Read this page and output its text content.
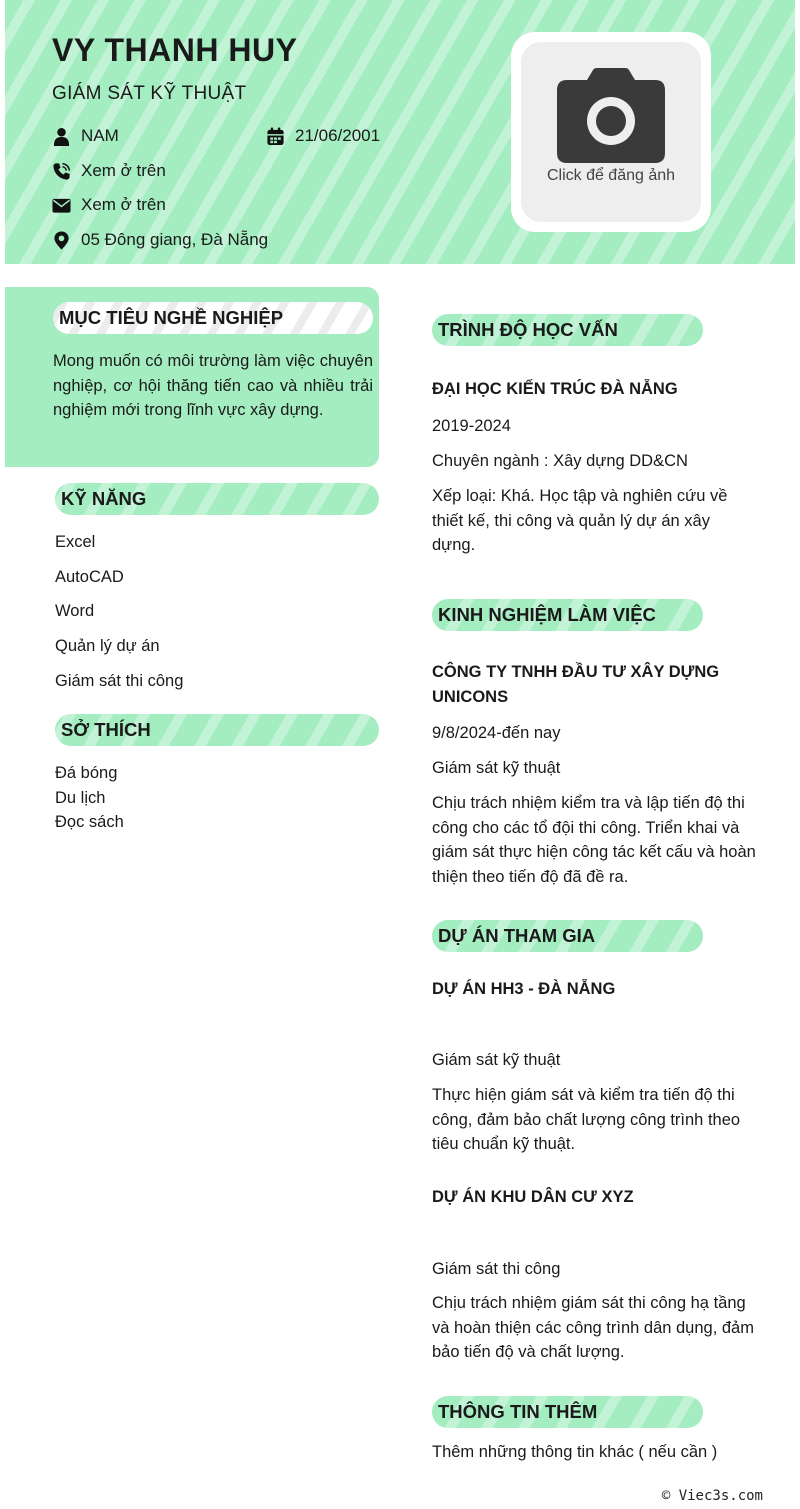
VY THANH HUY
GIÁM SÁT KỸ THUẬT
NAM	21/06/2001
Xem ở trên
Xem ở trên
05 Đông giang, Đà Nẵng
Click để đăng ảnh
MỤC TIÊU NGHỀ NGHIỆP
Mong muốn có môi trường làm việc chuyên nghiệp, cơ hội thăng tiến cao và nhiều trải nghiệm mới trong lĩnh vực xây dựng.
KỸ NĂNG
Excel
AutoCAD
Word
Quản lý dự án
Giám sát thi công
SỞ THÍCH
Đá bóng
Du lịch
Đọc sách
TRÌNH ĐỘ HỌC VẤN
ĐẠI HỌC KIẾN TRÚC ĐÀ NẴNG
2019-2024
Chuyên ngành : Xây dựng DD&CN
Xếp loại: Khá. Học tập và nghiên cứu về thiết kế, thi công và quản lý dự án xây dựng.
KINH NGHIỆM LÀM VIỆC
CÔNG TY TNHH ĐẦU TƯ XÂY DỰNG UNICONS
9/8/2024-đến nay
Giám sát kỹ thuật
Chịu trách nhiệm kiểm tra và lập tiến độ thi công cho các tổ đội thi công. Triển khai và giám sát thực hiện công tác kết cấu và hoàn thiện theo tiến độ đã đề ra.
DỰ ÁN THAM GIA
DỰ ÁN HH3 - ĐÀ NẴNG
Giám sát kỹ thuật
Thực hiện giám sát và kiểm tra tiến độ thi công, đảm bảo chất lượng công trình theo tiêu chuẩn kỹ thuật.
DỰ ÁN KHU DÂN CƯ XYZ
Giám sát thi công
Chịu trách nhiệm giám sát thi công hạ tầng và hoàn thiện các công trình dân dụng, đảm bảo tiến độ và chất lượng.
THÔNG TIN THÊM
Thêm những thông tin khác ( nếu cần )
© Viec3s.com
